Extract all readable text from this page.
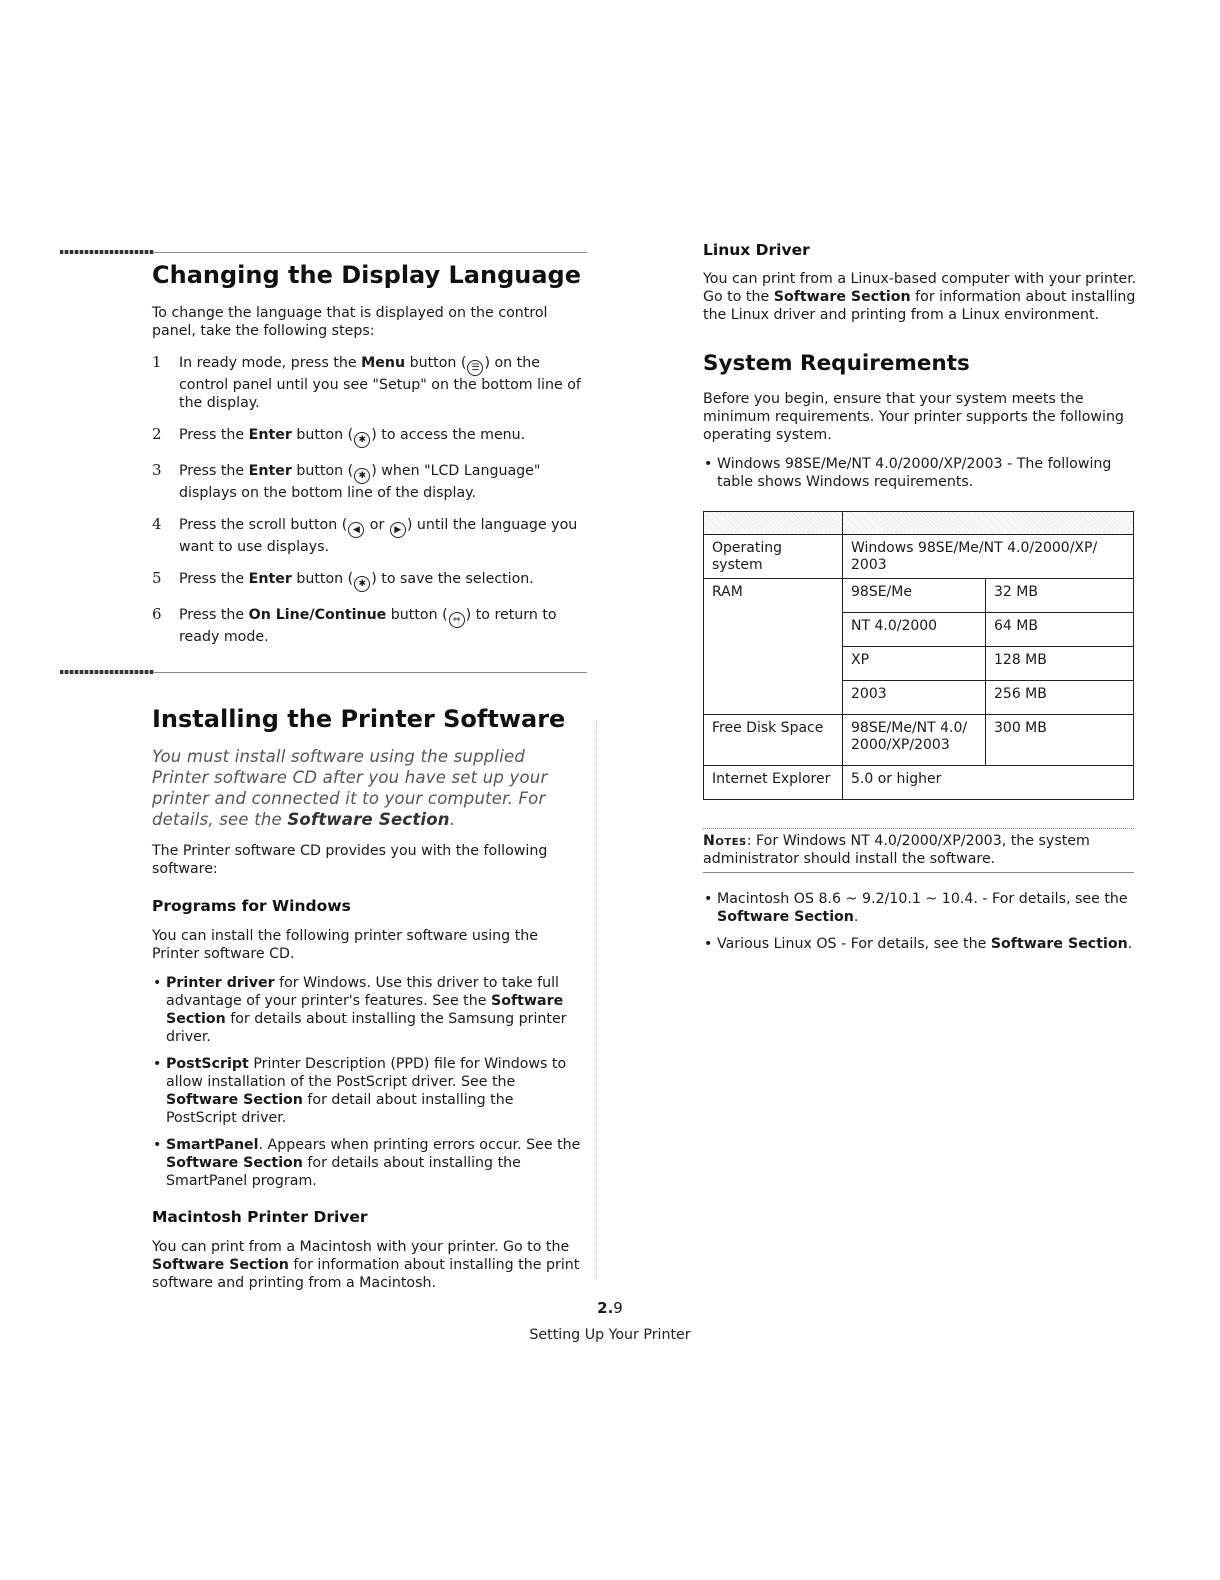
Changing the Display Language

To change the language that is displayed on the control panel, take the following steps:

1 In ready mode, press the Menu button ( ☰ ) on the control panel until you see "Setup" on the bottom line of the display.

2 Press the Enter button ( ✱ ) to access the menu.

3 Press the Enter button ( ✱ ) when "LCD Language" displays on the bottom line of the display.

4 Press the scroll button ( ◀ or ▶ ) until the language you want to use displays.

5 Press the Enter button ( ✱ ) to save the selection.

6 Press the On Line/Continue button ( ⇔ ) to return to ready mode.

Installing the Printer Software

You must install software using the supplied Printer software CD after you have set up your printer and connected it to your computer. For details, see the Software Section.

The Printer software CD provides you with the following software:

Programs for Windows

You can install the following printer software using the Printer software CD.

• Printer driver for Windows. Use this driver to take full advantage of your printer's features. See the Software Section for details about installing the Samsung printer driver.
• PostScript Printer Description (PPD) file for Windows to allow installation of the PostScript driver. See the Software Section for detail about installing the PostScript driver.
• SmartPanel. Appears when printing errors occur. See the Software Section for details about installing the SmartPanel program.
Macintosh Printer Driver

You can print from a Macintosh with your printer. Go to the Software Section for information about installing the print software and printing from a Macintosh.

Linux Driver

You can print from a Linux-based computer with your printer. Go to the Software Section for information about installing the Linux driver and printing from a Linux environment.

System Requirements

Before you begin, ensure that your system meets the minimum requirements. Your printer supports the following operating system.

• Windows 98SE/Me/NT 4.0/2000/XP/2003 - The following table shows Windows requirements.

Operating system	Windows 98SE/Me/NT 4.0/2000/XP/ 2003	
RAM	98SE/Me	32 MB
	NT 4.0/2000	64 MB
	XP	128 MB
	2003	256 MB
Free Disk Space	98SE/Me/NT 4.0/ 2000/XP/2003	300 MB
Internet Explorer	5.0 or higher	

Notes: For Windows NT 4.0/2000/XP/2003, the system administrator should install the software.

• Macintosh OS 8.6 ~ 9.2/10.1 ~ 10.4. - For details, see the Software Section.
• Various Linux OS - For details, see the Software Section.
2.9
Setting Up Your Printer
